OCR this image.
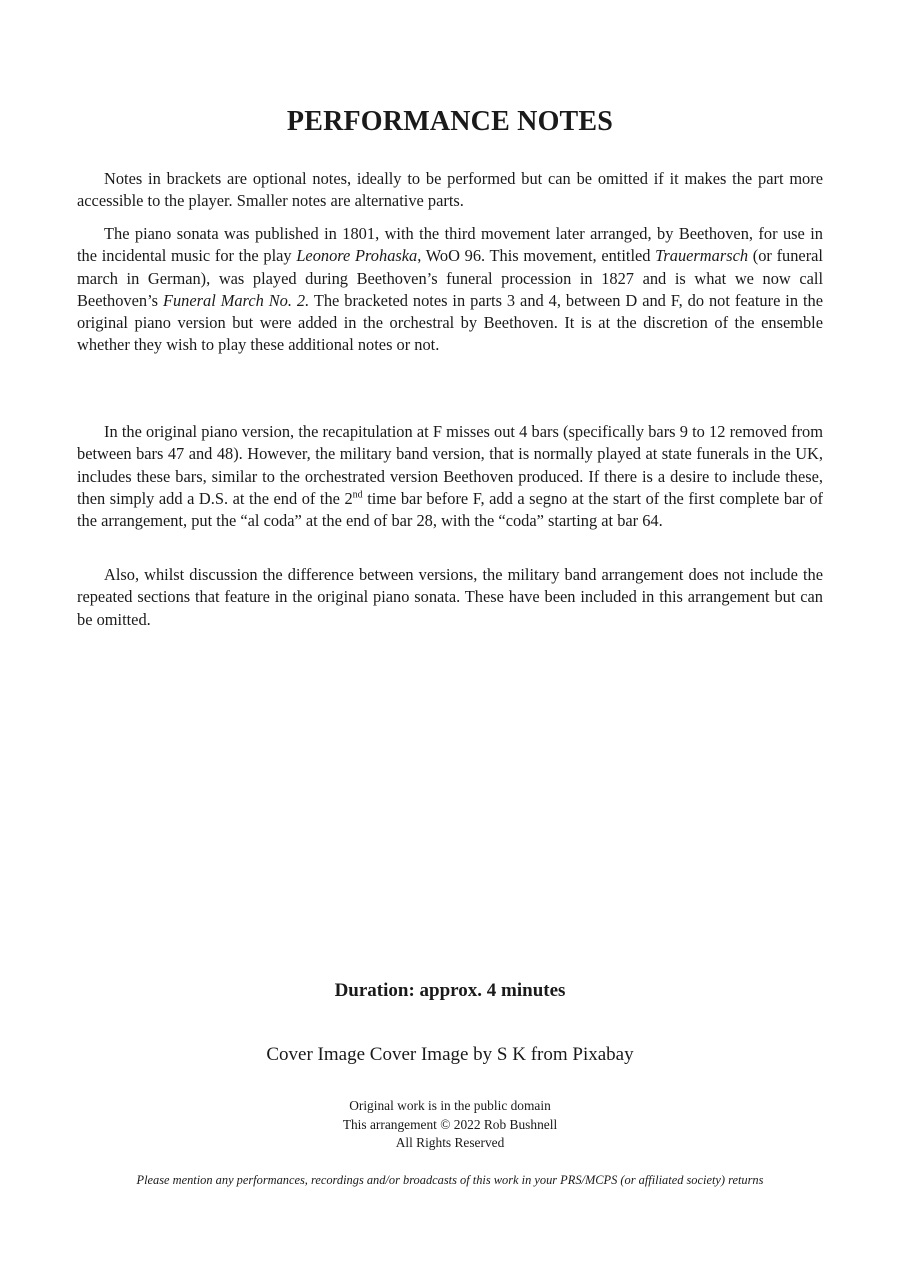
PERFORMANCE NOTES

Notes in brackets are optional notes, ideally to be performed but can be omitted if it makes the part more accessible to the player. Smaller notes are alternative parts.

The piano sonata was published in 1801, with the third movement later arranged, by Beethoven, for use in the incidental music for the play Leonore Prohaska, WoO 96. This movement, entitled Trauermarsch (or funeral march in German), was played during Beethoven’s funeral procession in 1827 and is what we now call Beethoven’s Funeral March No. 2. The bracketed notes in parts 3 and 4, between D and F, do not feature in the original piano version but were added in the orchestral by Beethoven. It is at the discretion of the ensemble whether they wish to play these additional notes or not.

In the original piano version, the recapitulation at F misses out 4 bars (specifically bars 9 to 12 removed from between bars 47 and 48). However, the military band version, that is normally played at state funerals in the UK, includes these bars, similar to the orchestrated version Beethoven produced. If there is a desire to include these, then simply add a D.S. at the end of the 2nd time bar before F, add a segno at the start of the first complete bar of the arrangement, put the “al coda” at the end of bar 28, with the “coda” starting at bar 64.

Also, whilst discussion the difference between versions, the military band arrangement does not include the repeated sections that feature in the original piano sonata. These have been included in this arrangement but can be omitted.

Duration: approx. 4 minutes

Cover Image Cover Image by S K from Pixabay

Original work is in the public domain
This arrangement © 2022 Rob Bushnell
All Rights Reserved

Please mention any performances, recordings and/or broadcasts of this work in your PRS/MCPS (or affiliated society) returns
